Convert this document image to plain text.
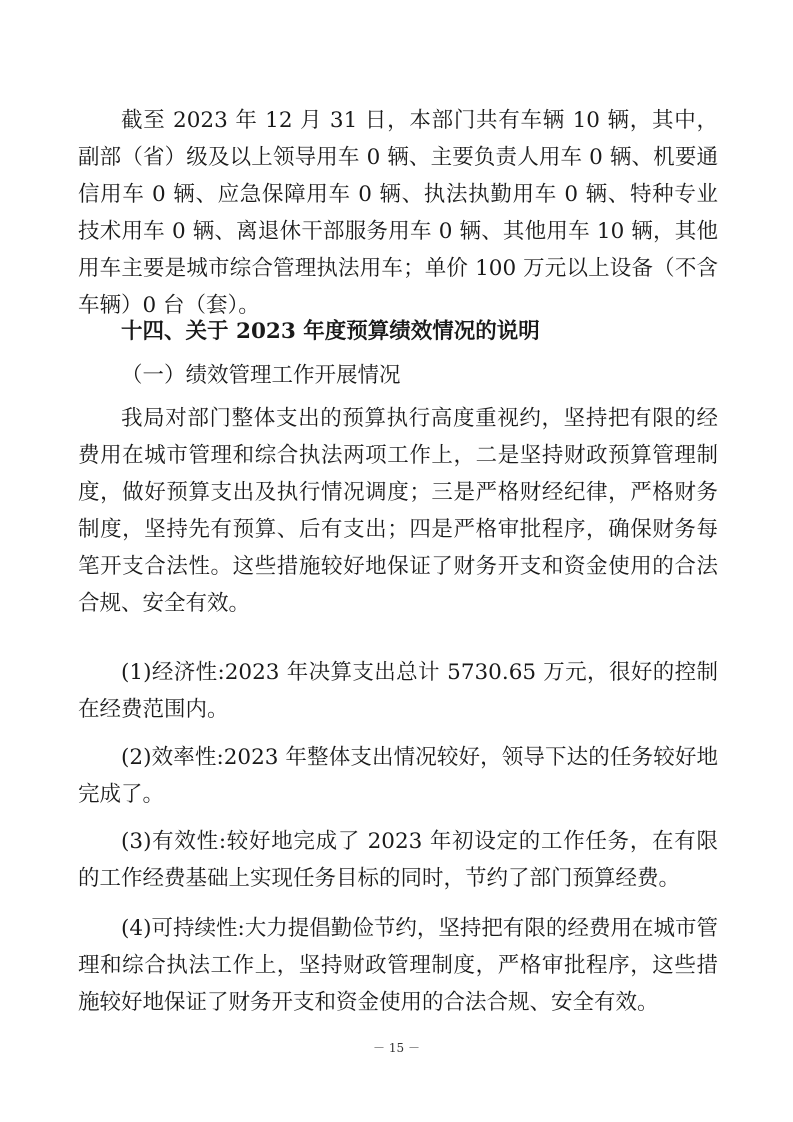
截至 2023 年 12 月 31 日，本部门共有车辆 10 辆，其中，副部（省）级及以上领导用车 0 辆、主要负责人用车 0 辆、机要通信用车 0 辆、应急保障用车 0 辆、执法执勤用车 0 辆、特种专业技术用车 0 辆、离退休干部服务用车 0 辆、其他用车 10 辆，其他用车主要是城市综合管理执法用车；单价 100 万元以上设备（不含车辆）0 台（套）。

十四、关于 2023 年度预算绩效情况的说明

（一）绩效管理工作开展情况

我局对部门整体支出的预算执行高度重视约，坚持把有限的经费用在城市管理和综合执法两项工作上，二是坚持财政预算管理制度，做好预算支出及执行情况调度；三是严格财经纪律，严格财务制度，坚持先有预算、后有支出；四是严格审批程序，确保财务每笔开支合法性。这些措施较好地保证了财务开支和资金使用的合法合规、安全有效。

(1)经济性:2023 年决算支出总计 5730.65 万元，很好的控制在经费范围内。

(2)效率性:2023 年整体支出情况较好，领导下达的任务较好地完成了。

(3)有效性:较好地完成了 2023 年初设定的工作任务，在有限的工作经费基础上实现任务目标的同时，节约了部门预算经费。

(4)可持续性:大力提倡勤俭节约，坚持把有限的经费用在城市管理和综合执法工作上，坚持财政管理制度，严格审批程序，这些措施较好地保证了财务开支和资金使用的合法合规、安全有效。

－ 15 －
